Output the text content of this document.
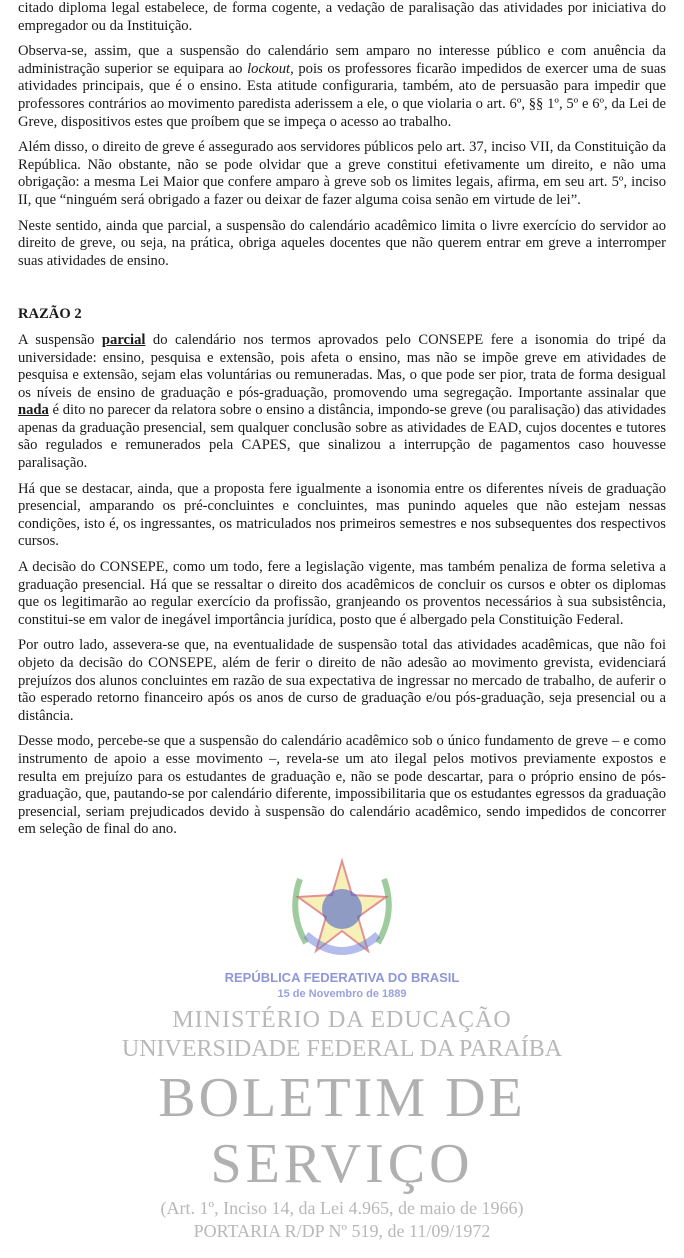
citado diploma legal estabelece, de forma cogente, a vedação de paralisação das atividades por iniciativa do empregador ou da Instituição.

Observa-se, assim, que a suspensão do calendário sem amparo no interesse público e com anuência da administração superior se equipara ao lockout, pois os professores ficarão impedidos de exercer uma de suas atividades principais, que é o ensino. Esta atitude configuraria, também, ato de persuasão para impedir que professores contrários ao movimento paredista aderissem a ele, o que violaria o art. 6º, §§ 1º, 5º e 6º, da Lei de Greve, dispositivos estes que proíbem que se impeça o acesso ao trabalho.

Além disso, o direito de greve é assegurado aos servidores públicos pelo art. 37, inciso VII, da Constituição da República. Não obstante, não se pode olvidar que a greve constitui efetivamente um direito, e não uma obrigação: a mesma Lei Maior que confere amparo à greve sob os limites legais, afirma, em seu art. 5º, inciso II, que “ninguém será obrigado a fazer ou deixar de fazer alguma coisa senão em virtude de lei”.

Neste sentido, ainda que parcial, a suspensão do calendário acadêmico limita o livre exercício do servidor ao direito de greve, ou seja, na prática, obriga aqueles docentes que não querem entrar em greve a interromper suas atividades de ensino.

RAZÃO 2

A suspensão parcial do calendário nos termos aprovados pelo CONSEPE fere a isonomia do tripé da universidade: ensino, pesquisa e extensão, pois afeta o ensino, mas não se impõe greve em atividades de pesquisa e extensão, sejam elas voluntárias ou remuneradas. Mas, o que pode ser pior, trata de forma desigual os níveis de ensino de graduação e pós-graduação, promovendo uma segregação. Importante assinalar que nada é dito no parecer da relatora sobre o ensino a distância, impondo-se greve (ou paralisação) das atividades apenas da graduação presencial, sem qualquer conclusão sobre as atividades de EAD, cujos docentes e tutores são regulados e remunerados pela CAPES, que sinalizou a interrupção de pagamentos caso houvesse paralisação.

Há que se destacar, ainda, que a proposta fere igualmente a isonomia entre os diferentes níveis de graduação presencial, amparando os pré-concluintes e concluintes, mas punindo aqueles que não estejam nessas condições, isto é, os ingressantes, os matriculados nos primeiros semestres e nos subsequentes dos respectivos cursos.

A decisão do CONSEPE, como um todo, fere a legislação vigente, mas também penaliza de forma seletiva a graduação presencial. Há que se ressaltar o direito dos acadêmicos de concluir os cursos e obter os diplomas que os legitimarão ao regular exercício da profissão, granjeando os proventos necessários à sua subsistência, constitui-se em valor de inegável importância jurídica, posto que é albergado pela Constituição Federal.

Por outro lado, assevera-se que, na eventualidade de suspensão total das atividades acadêmicas, que não foi objeto da decisão do CONSEPE, além de ferir o direito de não adesão ao movimento grevista, evidenciará prejuízos dos alunos concluintes em razão de sua expectativa de ingressar no mercado de trabalho, de auferir o tão esperado retorno financeiro após os anos de curso de graduação e/ou pós-graduação, seja presencial ou a distância.

Desse modo, percebe-se que a suspensão do calendário acadêmico sob o único fundamento de greve – e como instrumento de apoio a esse movimento –, revela-se um ato ilegal pelos motivos previamente expostos e resulta em prejuízo para os estudantes de graduação e, não se pode descartar, para o próprio ensino de pós-graduação, que, pautando-se por calendário diferente, impossibilitaria que os estudantes egressos da graduação presencial, seriam prejudicados devido à suspensão do calendário acadêmico, sendo impedidos de concorrer em seleção de final do ano.

REPÚBLICA FEDERATIVA DO BRASIL
15 de Novembro de 1889
MINISTÉRIO DA EDUCAÇÃO
UNIVERSIDADE FEDERAL DA PARAÍBA
BOLETIM DE
SERVIÇO
(Art. 1º, Inciso 14, da Lei 4.965, de maio de 1966)
PORTARIA R/DP Nº 519, de 11/09/1972
